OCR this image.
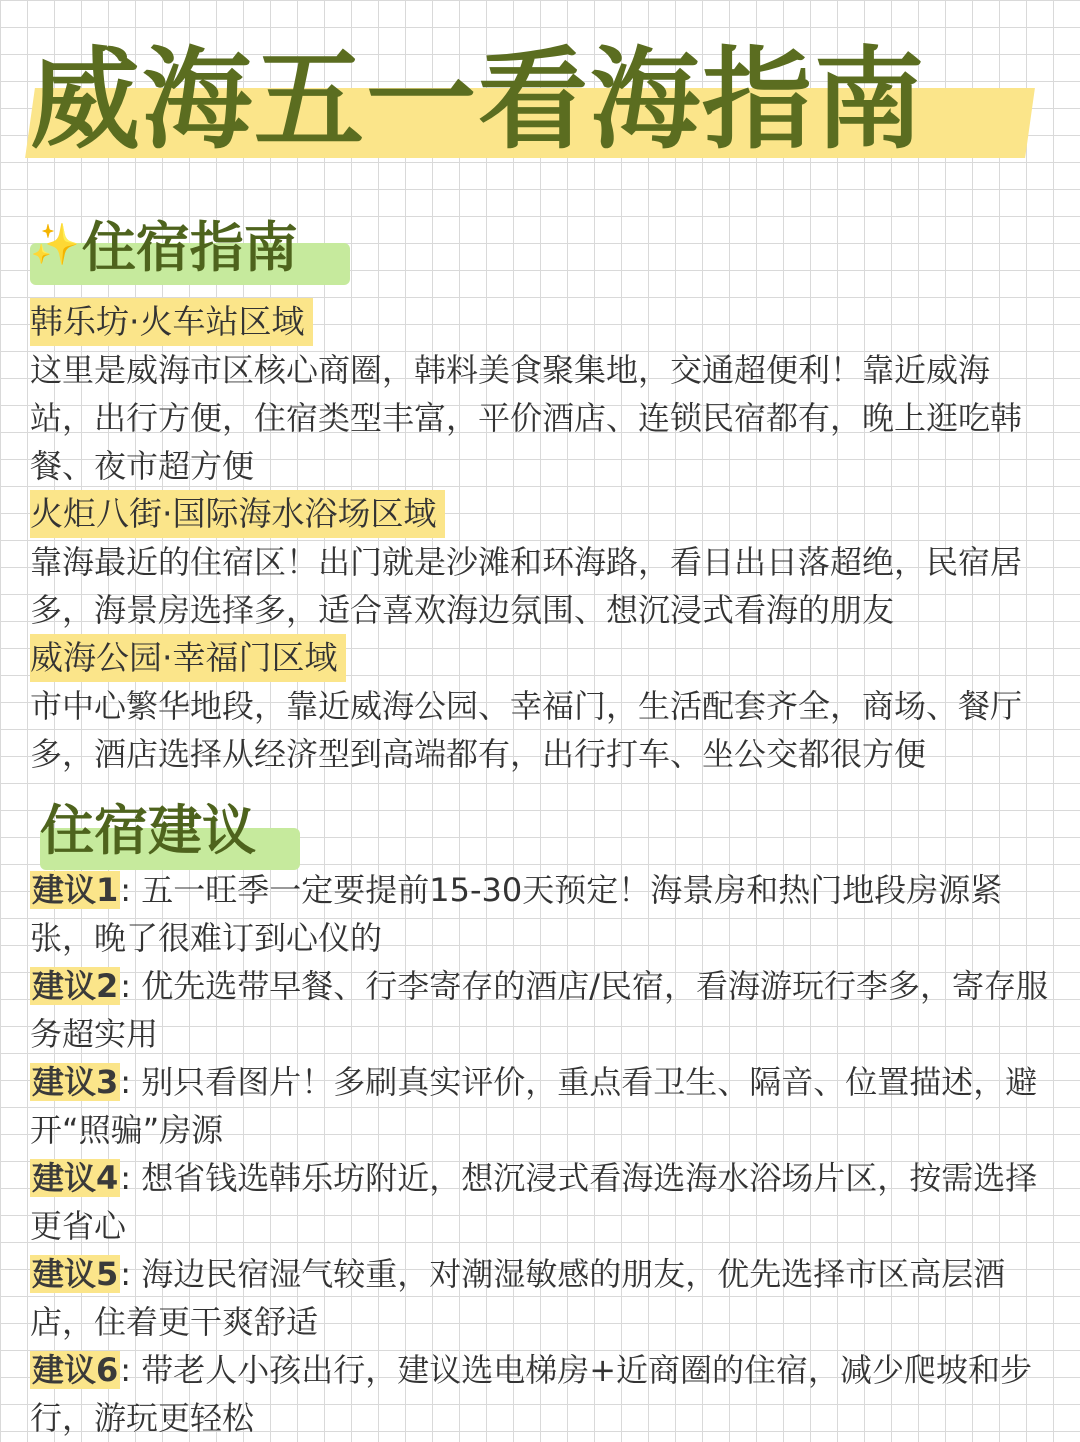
威海五一看海指南
✨住宿指南
韩乐坊·火车站区域

这里是威海市区核心商圈，韩料美食聚集地，交通超便利！靠近威海站，出行方便，住宿类型丰富，平价酒店、连锁民宿都有，晚上逛吃韩餐、夜市超方便

火炬八街·国际海水浴场区域

靠海最近的住宿区！出门就是沙滩和环海路，看日出日落超绝，民宿居多，海景房选择多，适合喜欢海边氛围、想沉浸式看海的朋友

威海公园·幸福门区域

市中心繁华地段，靠近威海公园、幸福门，生活配套齐全，商场、餐厅多，酒店选择从经济型到高端都有，出行打车、坐公交都很方便

住宿建议

建议1: 五一旺季一定要提前15-30天预定！海景房和热门地段房源紧张，晚了很难订到心仪的

建议2: 优先选带早餐、行李寄存的酒店/民宿，看海游玩行李多，寄存服务超实用

建议3: 别只看图片！多刷真实评价，重点看卫生、隔音、位置描述，避开“照骗”房源

建议4: 想省钱选韩乐坊附近，想沉浸式看海选海水浴场片区，按需选择更省心

建议5: 海边民宿湿气较重，对潮湿敏感的朋友，优先选择市区高层酒店，住着更干爽舒适

建议6: 带老人小孩出行，建议选电梯房+近商圈的住宿，减少爬坡和步行，游玩更轻松
